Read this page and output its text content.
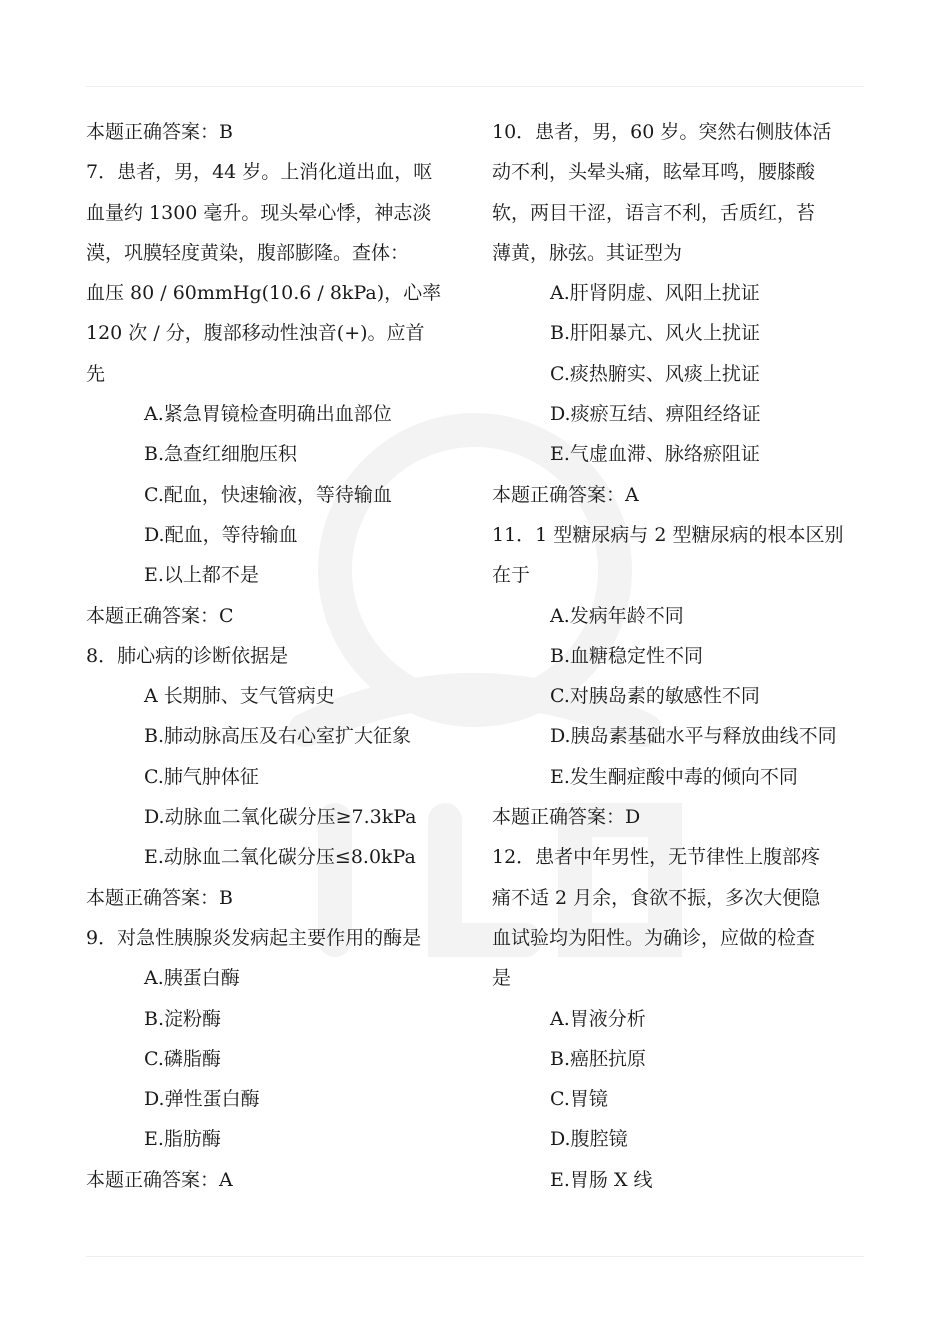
本题正确答案：B
7．患者，男，44 岁。上消化道出血，呕
血量约 1300 毫升。现头晕心悸，神志淡
漠，巩膜轻度黄染，腹部膨隆。查体：
血压 80 / 60mmHg(10.6 / 8kPa)，心率
120 次 / 分，腹部移动性浊音(+)。应首
先
A.紧急胃镜检查明确出血部位
B.急查红细胞压积
C.配血，快速输液，等待输血
D.配血，等待输血
E.以上都不是
本题正确答案：C
8．肺心病的诊断依据是
A 长期肺、支气管病史
B.肺动脉高压及右心室扩大征象
C.肺气肿体征
D.动脉血二氧化碳分压≥7.3kPa
E.动脉血二氧化碳分压≤8.0kPa
本题正确答案：B
9．对急性胰腺炎发病起主要作用的酶是
A.胰蛋白酶
B.淀粉酶
C.磷脂酶
D.弹性蛋白酶
E.脂肪酶
本题正确答案：A
10．患者，男，60 岁。突然右侧肢体活
动不利，头晕头痛，眩晕耳鸣，腰膝酸
软，两目干涩，语言不利，舌质红，苔
薄黄，脉弦。其证型为
A.肝肾阴虚、风阳上扰证
B.肝阳暴亢、风火上扰证
C.痰热腑实、风痰上扰证
D.痰瘀互结、痹阻经络证
E.气虚血滞、脉络瘀阻证
本题正确答案：A
11．1 型糖尿病与 2 型糖尿病的根本区别
在于
A.发病年龄不同
B.血糖稳定性不同
C.对胰岛素的敏感性不同
D.胰岛素基础水平与释放曲线不同
E.发生酮症酸中毒的倾向不同
本题正确答案：D
12．患者中年男性，无节律性上腹部疼
痛不适 2 月余，食欲不振，多次大便隐
血试验均为阳性。为确诊，应做的检查
是
A.胃液分析
B.癌胚抗原
C.胃镜
D.腹腔镜
E.胃肠 X 线
